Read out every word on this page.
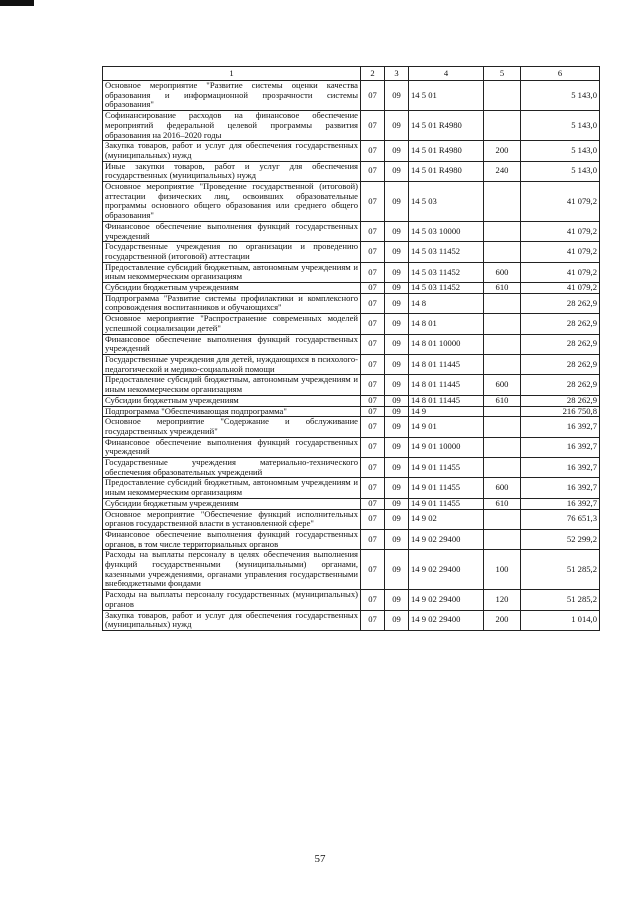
1	2	3	4	5	6
Основное мероприятие "Развитие системы оценки качества образования и информационной прозрачности системы образования"	07	09	14 5 01		5 143,0
Софинансирование расходов на финансовое обеспечение мероприятий федеральной целевой программы развития образования на 2016–2020 годы	07	09	14 5 01 R4980		5 143,0
Закупка товаров, работ и услуг для обеспечения государственных (муниципальных) нужд	07	09	14 5 01 R4980	200	5 143,0
Иные закупки товаров, работ и услуг для обеспечения государственных (муниципальных) нужд	07	09	14 5 01 R4980	240	5 143,0
Основное мероприятие "Проведение государственной (итоговой) аттестации физических лиц, освоивших образовательные программы основного общего образования или среднего общего образования"	07	09	14 5 03		41 079,2
Финансовое обеспечение выполнения функций государственных учреждений	07	09	14 5 03 10000		41 079,2
Государственные учреждения по организации и проведению государственной (итоговой) аттестации	07	09	14 5 03 11452		41 079,2
Предоставление субсидий бюджетным, автономным учреждениям и иным некоммерческим организациям	07	09	14 5 03 11452	600	41 079,2
Субсидии бюджетным учреждениям	07	09	14 5 03 11452	610	41 079,2
Подпрограмма "Развитие системы профилактики и комплексного сопровождения воспитанников и обучающихся"	07	09	14 8		28 262,9
Основное мероприятие "Распространение современных моделей успешной социализации детей"	07	09	14 8 01		28 262,9
Финансовое обеспечение выполнения функций государственных учреждений	07	09	14 8 01 10000		28 262,9
Государственные учреждения для детей, нуждающихся в психолого-педагогической и медико-социальной помощи	07	09	14 8 01 11445		28 262,9
Предоставление субсидий бюджетным, автономным учреждениям и иным некоммерческим организациям	07	09	14 8 01 11445	600	28 262,9
Субсидии бюджетным учреждениям	07	09	14 8 01 11445	610	28 262,9
Подпрограмма "Обеспечивающая подпрограмма"	07	09	14 9		216 750,8
Основное мероприятие "Содержание и обслуживание государственных учреждений"	07	09	14 9 01		16 392,7
Финансовое обеспечение выполнения функций государственных учреждений	07	09	14 9 01 10000		16 392,7
Государственные учреждения материально-технического обеспечения образовательных учреждений	07	09	14 9 01 11455		16 392,7
Предоставление субсидий бюджетным, автономным учреждениям и иным некоммерческим организациям	07	09	14 9 01 11455	600	16 392,7
Субсидии бюджетным учреждениям	07	09	14 9 01 11455	610	16 392,7
Основное мероприятие "Обеспечение функций исполнительных органов государственной власти в установленной сфере"	07	09	14 9 02		76 651,3
Финансовое обеспечение выполнения функций государственных органов, в том числе территориальных органов	07	09	14 9 02 29400		52 299,2
Расходы на выплаты персоналу в целях обеспечения выполнения функций государственными (муниципальными) органами, казенными учреждениями, органами управления государственными внебюджетными фондами	07	09	14 9 02 29400	100	51 285,2
Расходы на выплаты персоналу государственных (муниципальных) органов	07	09	14 9 02 29400	120	51 285,2
Закупка товаров, работ и услуг для обеспечения государственных (муниципальных) нужд	07	09	14 9 02 29400	200	1 014,0
57
